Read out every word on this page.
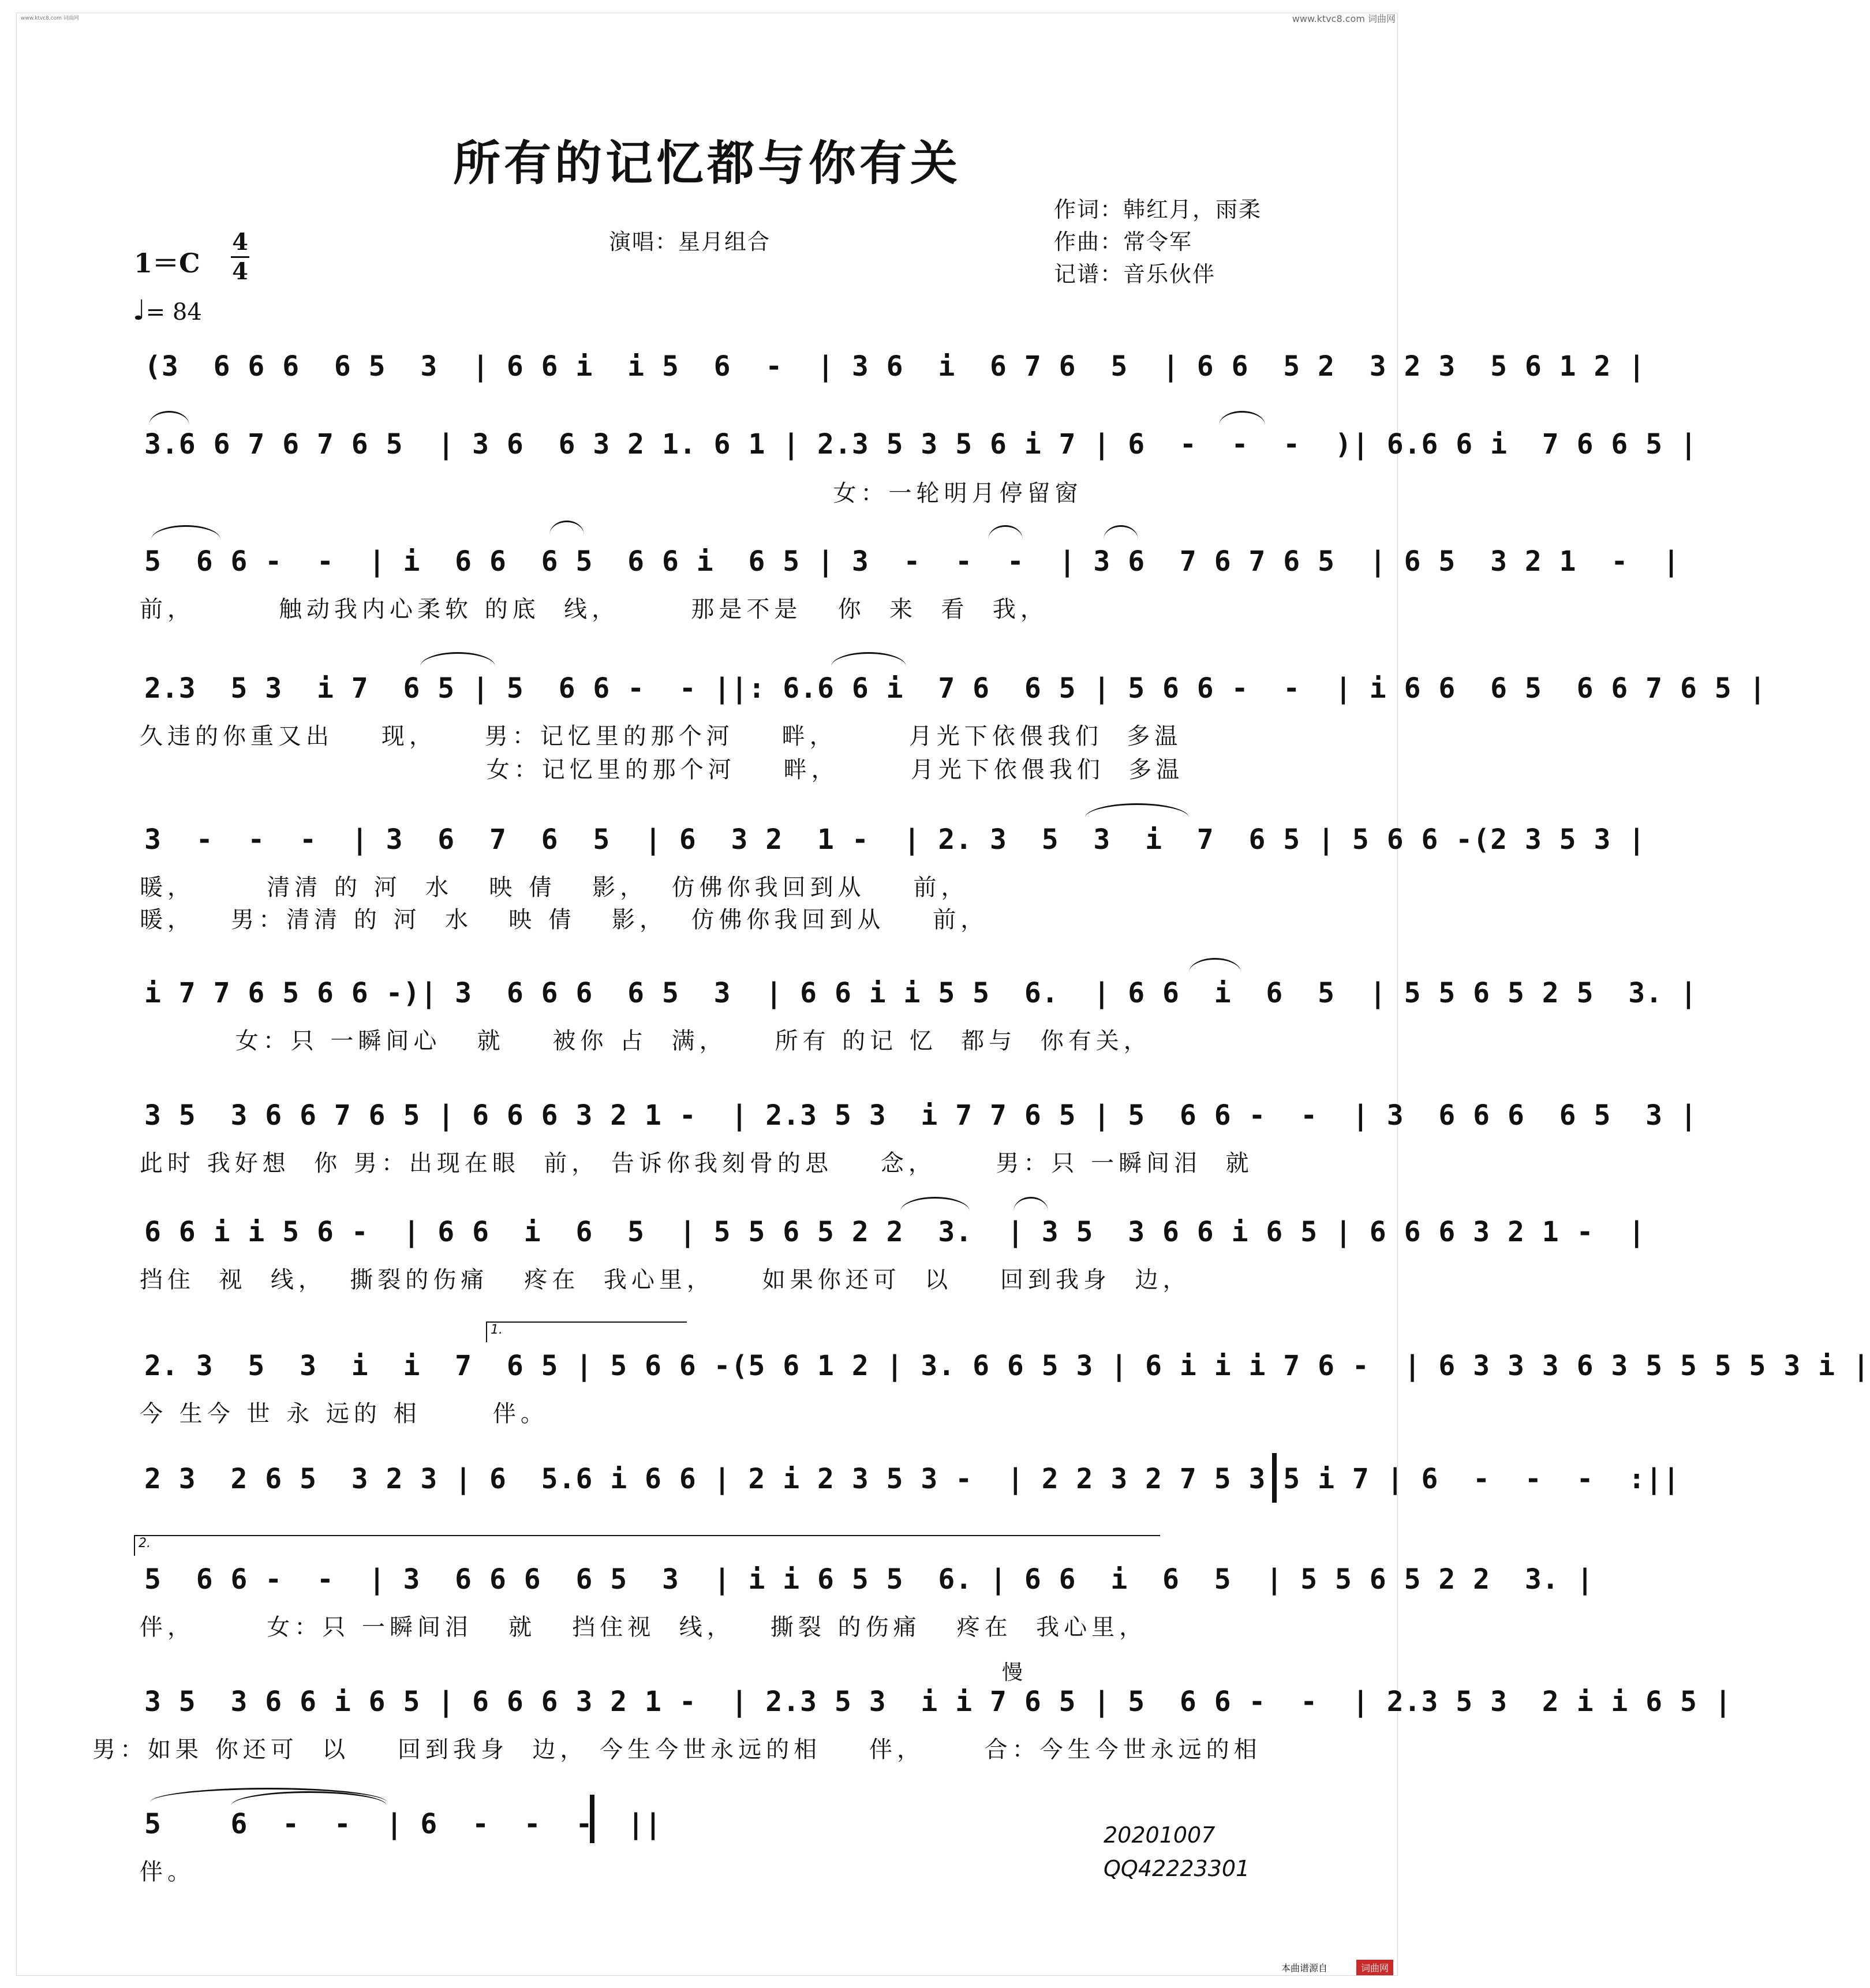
www.ktvc8.com 词曲网	www.ktvc8.com 词曲网
所有的记忆都与你有关
作词：韩红月，雨柔
作曲：常令军
记谱：音乐伙伴
演唱：星月组合
1＝C
4
4
♩= 84
(3  6 6 6  6 5  3  | 6 6 i  i 5  6  -  | 3 6  i  6 7 6  5  | 6 6  5 2  3 2 3  5 6 1 2 |
3.6 6 7 6 7 6 5  | 3 6  6 3 2 1. 6 1 | 2.3 5 3 5 6 i 7 | 6  -  -  -  )| 6.6 6 i  7 6 6 5 |
女：一轮明月停留窗
5  6 6 -  -  | i  6 6  6 5  6 6 i  6 5 | 3  -  -  -  | 3 6  7 6 7 6 5  | 6 5  3 2 1  -  |
前，       触动我内心柔软 的底  线，      那是不是   你  来  看  我，
2.3  5 3  i 7  6 5 | 5  6 6 -  - ||: 6.6 6 i  7 6  6 5 | 5 6 6 -  -  | i 6 6  6 5  6 6 7 6 5 |
久违的你重又出    现，    男：记忆里的那个河    畔，      月光下依偎我们  多温
女：记忆里的那个河    畔，      月光下依偎我们  多温
3  -  -  -  | 3  6  7  6  5  | 6  3 2  1 -  | 2. 3  5  3  i  7  6 5 | 5 6 6 -(2 3 5 3 |
暖，      清清 的 河  水   映 倩   影，  仿佛你我回到从    前，
暖，   男：清清 的 河  水   映 倩   影，  仿佛你我回到从    前，
i 7 7 6 5 6 6 -)| 3  6 6 6  6 5  3  | 6 6 i i 5 5  6.  | 6 6  i  6  5  | 5 5 6 5 2 5  3. |
女：只 一瞬间心   就    被你 占  满，    所有 的记 忆  都与  你有关，
3 5  3 6 6 7 6 5 | 6 6 6 3 2 1 -  | 2.3 5 3  i 7 7 6 5 | 5  6 6 -  -  | 3  6 6 6  6 5  3 |
此时 我好想  你 男：出现在眼  前， 告诉你我刻骨的思    念，     男：只 一瞬间泪  就
6 6 i i 5 6 -  | 6 6  i  6  5  | 5 5 6 5 2 2  3.  | 3 5  3 6 6 i 6 5 | 6 6 6 3 2 1 -  |
挡住  视  线，  撕裂的伤痛   疼在  我心里，    如果你还可  以    回到我身  边，
1.
2. 3  5  3  i  i  7  6 5 | 5 6 6 -(5 6 1 2 | 3. 6 6 5 3 | 6 i i i 7 6 -  | 6 3 3 3 6 3 5 5 5 5 3 i |
今 生今 世 永 远的 相      伴。
2 3  2 6 5  3 2 3 | 6  5.6 i 6 6 | 2 i 2 3 5 3 -  | 2 2 3 2 7 5 3 5 i 7 | 6  -  -  -  :||
2.
5  6 6 -  -  | 3  6 6 6  6 5  3  | i i 6 5 5  6. | 6 6  i  6  5  | 5 5 6 5 2 2  3. |
伴，      女：只 一瞬间泪   就   挡住视  线，   撕裂 的伤痛   疼在  我心里，
慢
3 5  3 6 6 i 6 5 | 6 6 6 3 2 1 -  | 2.3 5 3  i i 7 6 5 | 5  6 6 -  -  | 2.3 5 3  2 i i 6 5 |
男：如果 你还可  以    回到我身  边， 今生今世永远的相    伴，     合：今生今世永远的相
5    6  -  -  | 6  -  -  -  ||
伴。
20201007
QQ42223301
本曲谱源自	词曲网
